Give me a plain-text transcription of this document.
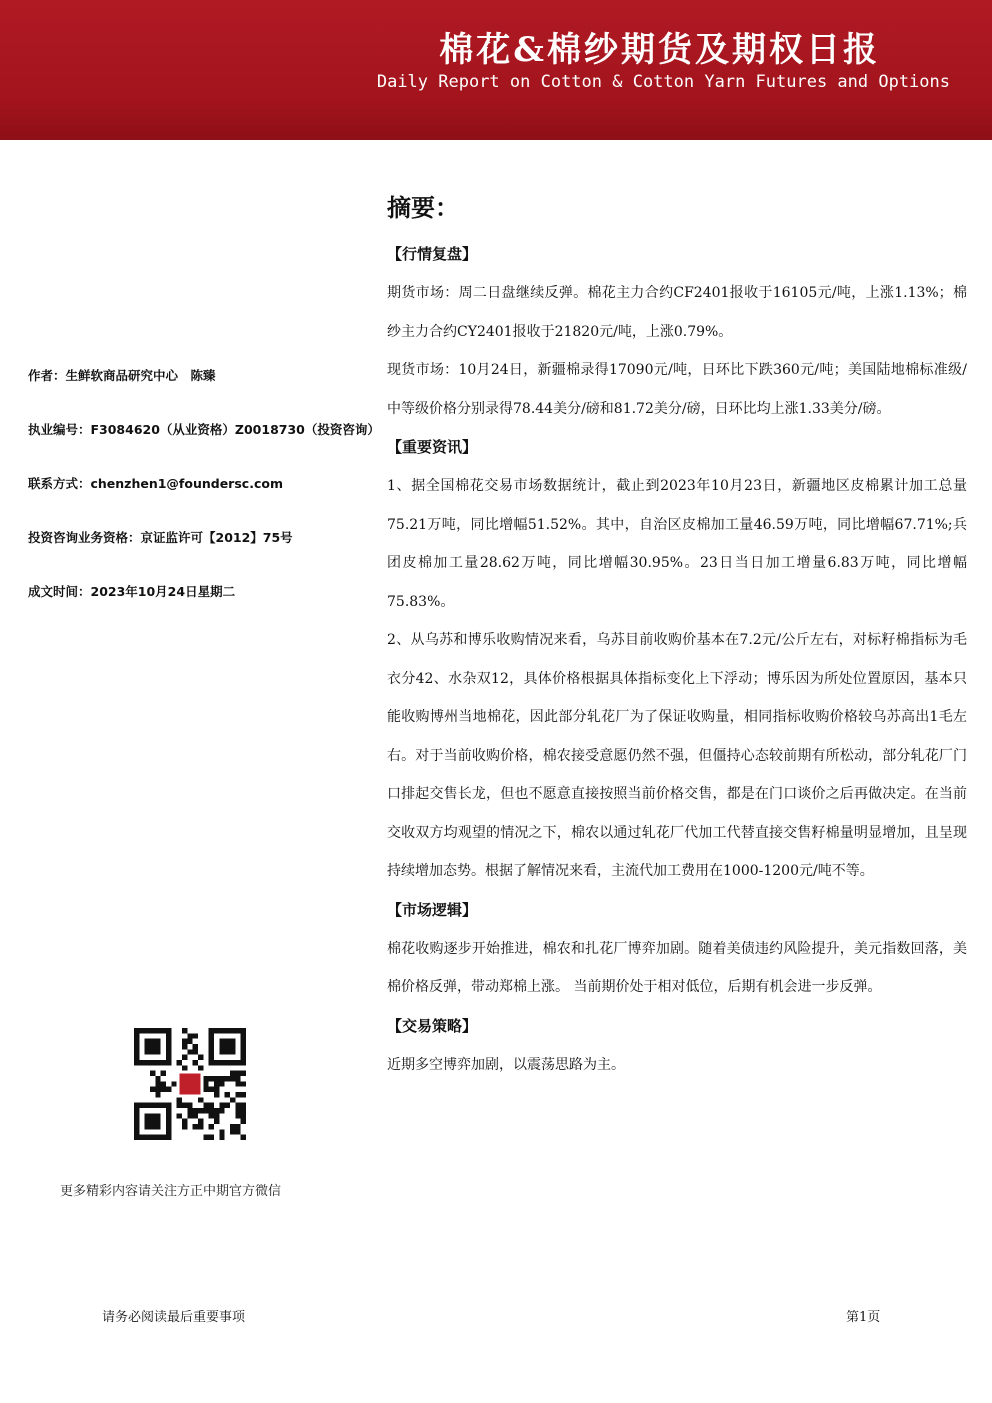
棉花&棉纱期货及期权日报
Daily Report on Cotton & Cotton Yarn Futures and Options
作者：生鲜软商品研究中心　陈臻
执业编号：F3084620（从业资格）Z0018730（投资咨询）
联系方式：chenzhen1@foundersc.com
投资咨询业务资格：京证监许可【2012】75号
成文时间：2023年10月24日星期二
更多精彩内容请关注方正中期官方微信
摘要：
【行情复盘】

期货市场：周二日盘继续反弹。棉花主力合约CF2401报收于16105元/吨，上涨1.13%；棉纱主力合约CY2401报收于21820元/吨，上涨0.79%。

现货市场：10月24日，新疆棉录得17090元/吨，日环比下跌360元/吨；美国陆地棉标准级/中等级价格分别录得78.44美分/磅和81.72美分/磅，日环比均上涨1.33美分/磅。

【重要资讯】

1、据全国棉花交易市场数据统计，截止到2023年10月23日，新疆地区皮棉累计加工总量75.21万吨，同比增幅51.52%。其中，自治区皮棉加工量46.59万吨，同比增幅67.71%;兵团皮棉加工量28.62万吨，同比增幅30.95%。23日当日加工增量6.83万吨，同比增幅75.83%。

2、从乌苏和博乐收购情况来看，乌苏目前收购价基本在7.2元/公斤左右，对标籽棉指标为毛衣分42、水杂双12，具体价格根据具体指标变化上下浮动；博乐因为所处位置原因，基本只能收购博州当地棉花，因此部分轧花厂为了保证收购量，相同指标收购价格较乌苏高出1毛左右。对于当前收购价格，棉农接受意愿仍然不强，但僵持心态较前期有所松动，部分轧花厂门口排起交售长龙，但也不愿意直接按照当前价格交售，都是在门口谈价之后再做决定。在当前交收双方均观望的情况之下，棉农以通过轧花厂代加工代替直接交售籽棉量明显增加，且呈现持续增加态势。根据了解情况来看，主流代加工费用在1000-1200元/吨不等。

【市场逻辑】

棉花收购逐步开始推进，棉农和扎花厂博弈加剧。随着美债违约风险提升，美元指数回落，美棉价格反弹，带动郑棉上涨。 当前期价处于相对低位，后期有机会进一步反弹。

【交易策略】

近期多空博弈加剧，以震荡思路为主。

请务必阅读最后重要事项	第1页
